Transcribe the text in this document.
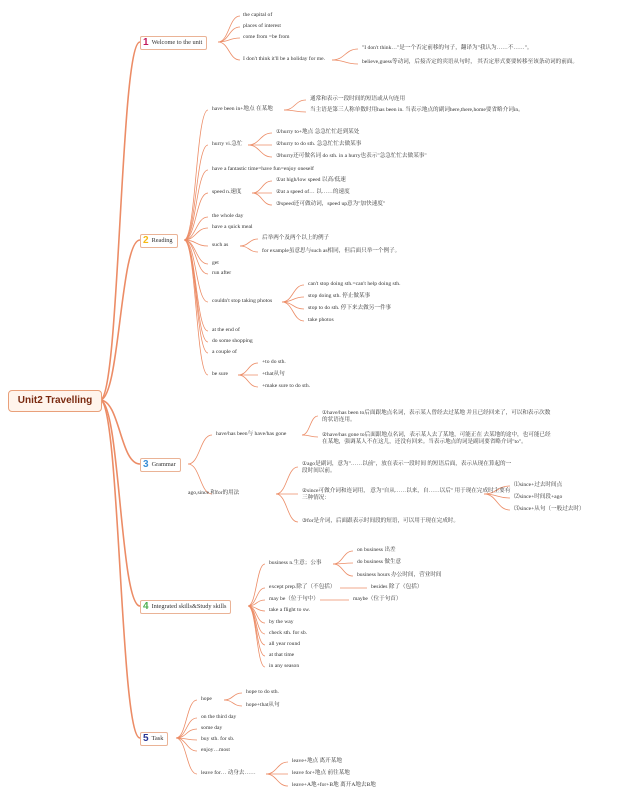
Unit2 Travelling
1 Welcome to the unit
2 Reading
3 Grammar
4 Integrated skills&Study skills
5 Task
the capital of
places of interest
come from =be from
I don't think it'll be a holiday for me.
"I don't think…"是一个否定前移的句子，翻译为"我认为……不……"。
believe,guess等动词，后接否定的宾语从句时， 其否定形式要要转移至该条动词的前面。
have been in+地点 在某地
通常和表示一段时间的短语或从句连用
当主语是第三人称单数时用has been in. 当表示地点的副词here,there,home要省略介词in。
hurry vi.急忙
①hurry to+地点 急急忙忙赶到某处
②hurry to do sth. 急急忙忙去做某事
③hurry还可做名词 do sth. in a hurry也表示"急急忙忙去做某事"
have a fantastic time=have fun=enjoy oneself
speed n.速度
①at high/low speed 以高/低速
②at a speed of… 以……的速度
③speed还可做动词，speed up意为"加快速度"
the whole day
have a quick meal
such as
后举两个及两个以上的例子
for example虽意思与such as相同，但后面只举一个例子。
get
run after
couldn't stop taking photos
can't stop doing sth.=can't help doing sth.
stop doing sth. 停止做某事
stop to do sth. 停下来去做另一件事
take photos
at the end of
do some shopping
a couple of
be sure
+to do sth.
+that从句
+make sure to do sth.
have/has been与 have/has gone
①have/has been to后面跟地点名词，表示某人曾经去过某地 并且已经回来了，可以和表示次数的状语连用。
②have/has gone to后面跟地点名词，表示某人去了某地，可能正在 去某地的途中，也可能已经在某地，强调某人不在这儿，还没有回来。当表示地点的词是副词要省略介词"to"。
ago,since 和for的用法
①ago是副词，意为"……以前"，放在表示一段时间 的短语后面，表示从现在算起的一段时间以前。
②since可做介词和连词用， 意为"自从……以来，自……以后" 用于现在完成时主要有三种情况：
③for是介词，后面跟表示时间段的短语，可以用于现在完成时。
⑴since+过去时间点
⑵since+时间段+ago
⑶since+从句（一般过去时）
business n.生意；公事
on business 出差
do business 做生意
business hours 办公时间，营业时间
except prep.除了（不包括）	besides 除了（包括）
may be（位于句中）	maybe（位于句首）
take a flight to sw.
by the way
check sth. for sb.
all year round
at that time
in any season
hope
hope to do sth.
hope+that从句
on the third day
some day
buy sth. for sb.
enjoy…most
leave for… 动身去……
leave+地点 离开某地
leave for+地点 前往某地
leave+A地+for+B地 离开A地去B地
